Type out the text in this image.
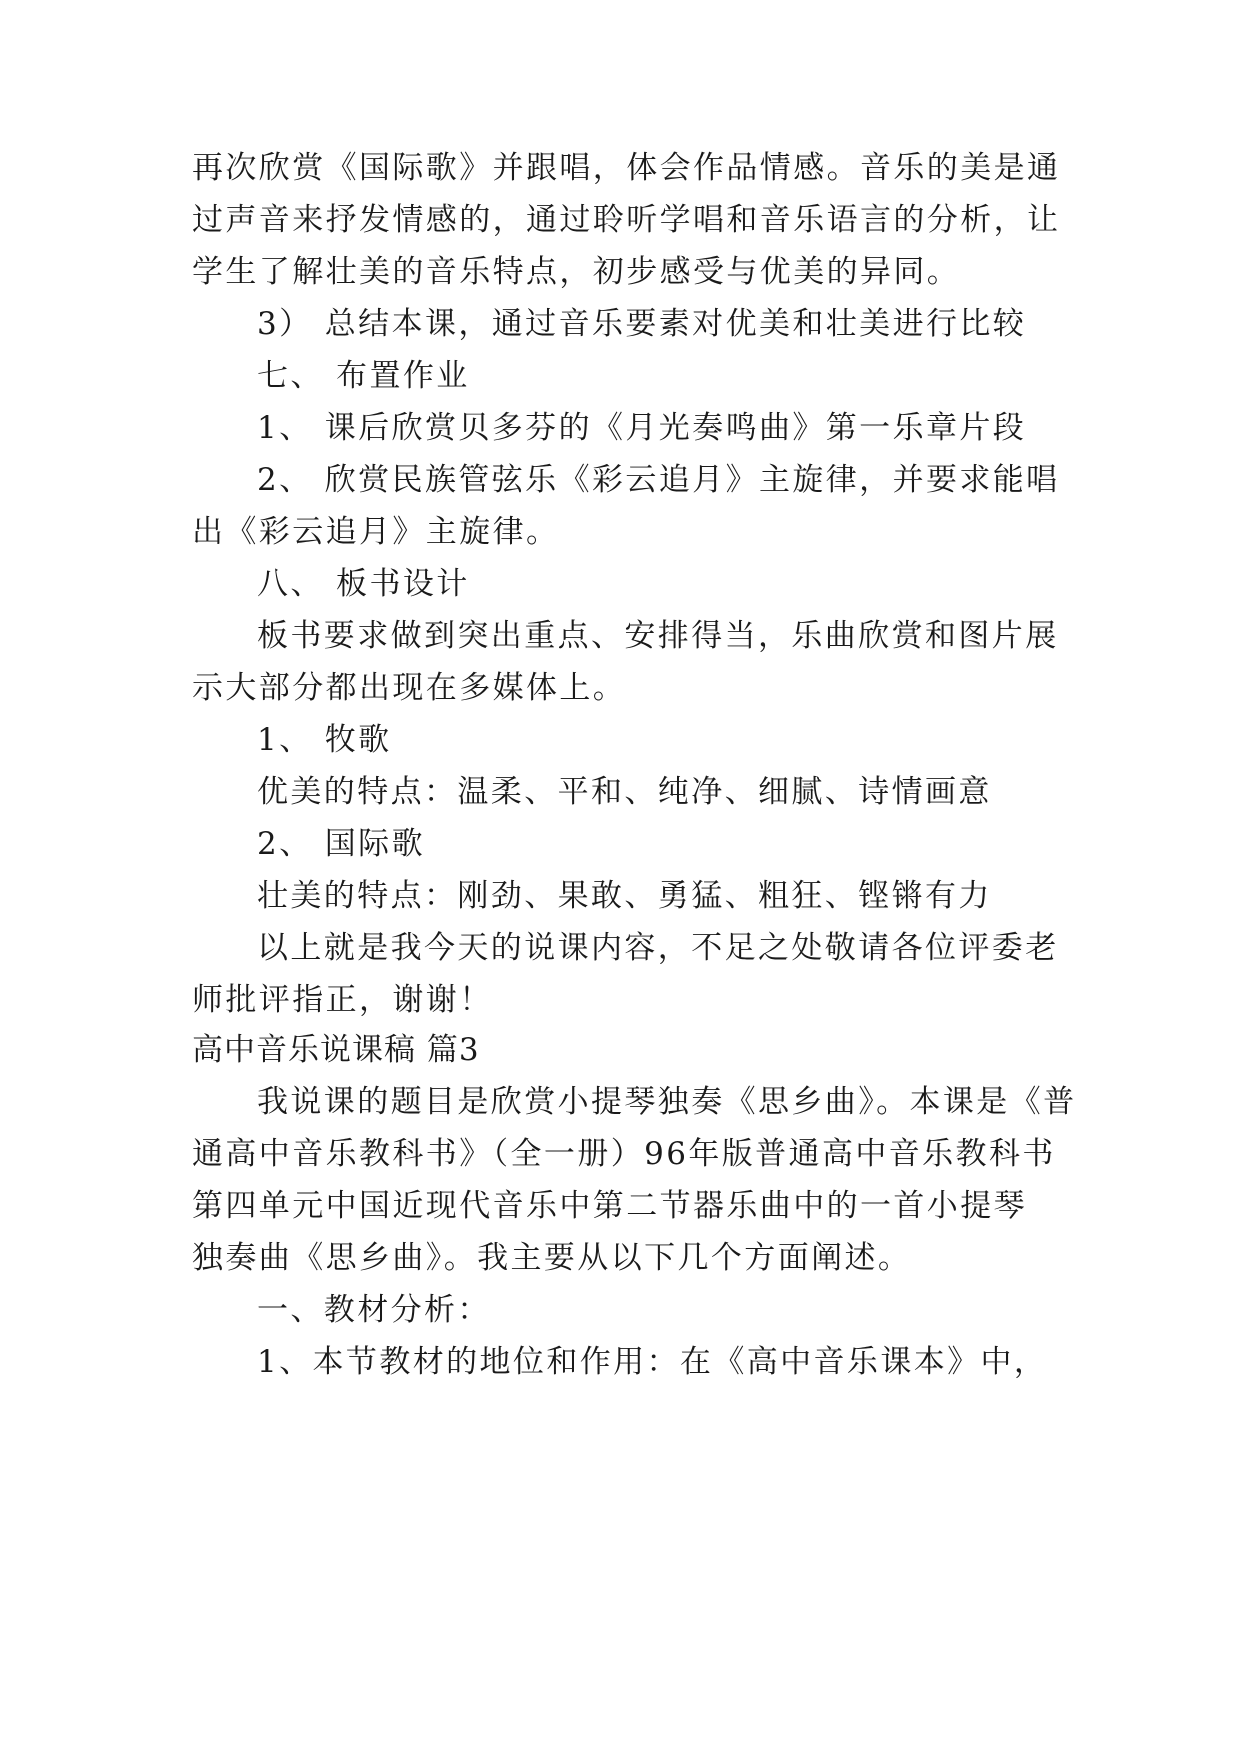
再次欣赏《国际歌》并跟唱，体会作品情感。音乐的美是通
过声音来抒发情感的，通过聆听学唱和音乐语言的分析，让
学生了解壮美的音乐特点，初步感受与优美的异同。
3） 总结本课，通过音乐要素对优美和壮美进行比较
七、 布置作业
1、 课后欣赏贝多芬的《月光奏鸣曲》第一乐章片段
2、 欣赏民族管弦乐《彩云追月》主旋律，并要求能唱
出《彩云追月》主旋律。
八、 板书设计
板书要求做到突出重点、安排得当，乐曲欣赏和图片展
示大部分都出现在多媒体上。
1、 牧歌
优美的特点：温柔、平和、纯净、细腻、诗情画意
2、 国际歌
壮美的特点：刚劲、果敢、勇猛、粗狂、铿锵有力
以上就是我今天的说课内容，不足之处敬请各位评委老
师批评指正，谢谢！
高中音乐说课稿 篇3
我说课的题目是欣赏小提琴独奏《思乡曲》。本课是《普
通高中音乐教科书》（全一册）96年版普通高中音乐教科书
第四单元中国近现代音乐中第二节器乐曲中的一首小提琴
独奏曲《思乡曲》。我主要从以下几个方面阐述。
一、教材分析：
1、本节教材的地位和作用：在《高中音乐课本》中，
